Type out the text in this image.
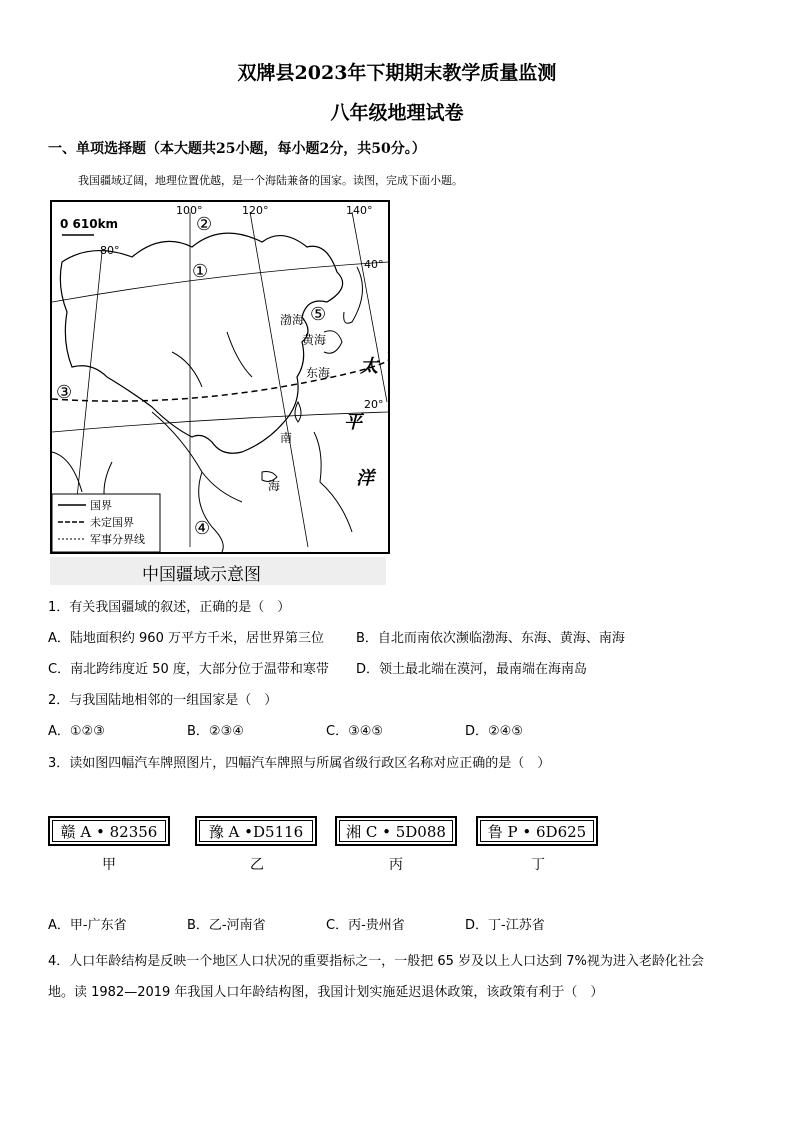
双牌县2023年下期期末教学质量监测
八年级地理试卷
一、单项选择题（本大题共25小题，每小题2分，共50分。）
我国疆域辽阔，地理位置优越，是一个海陆兼备的国家。读图，完成下面小题。
0 610km
100°	120°	140°
80°
40°
20°
②
①
③
④
⑤
渤海
黄海
东海
南
海
太
平
洋
国界
未定国界
军事分界线
中国疆域示意图
1．有关我国疆域的叙述，正确的是（　）
A．陆地面积约 960 万平方千米，居世界第三位 B．自北而南依次濒临渤海、东海、黄海、南海
C．南北跨纬度近 50 度，大部分位于温带和寒带 D．领土最北端在漠河，最南端在海南岛
2．与我国陆地相邻的一组国家是（　）
A．①②③	B．②③④	C．③④⑤	D．②④⑤
3．读如图四幅汽车牌照图片，四幅汽车牌照与所属省级行政区名称对应正确的是（　）
赣 A • 82356	豫 A •D5116	湘 C • 5D088	鲁 P • 6D625
甲	乙	丙	丁
A．甲-广东省	B．乙-河南省	C．丙-贵州省	D．丁-江苏省
4．人口年龄结构是反映一个地区人口状况的重要指标之一，一般把 65 岁及以上人口达到 7%视为进入老龄化社会
地。读 1982—2019 年我国人口年龄结构图，我国计划实施延迟退休政策，该政策有利于（　）
